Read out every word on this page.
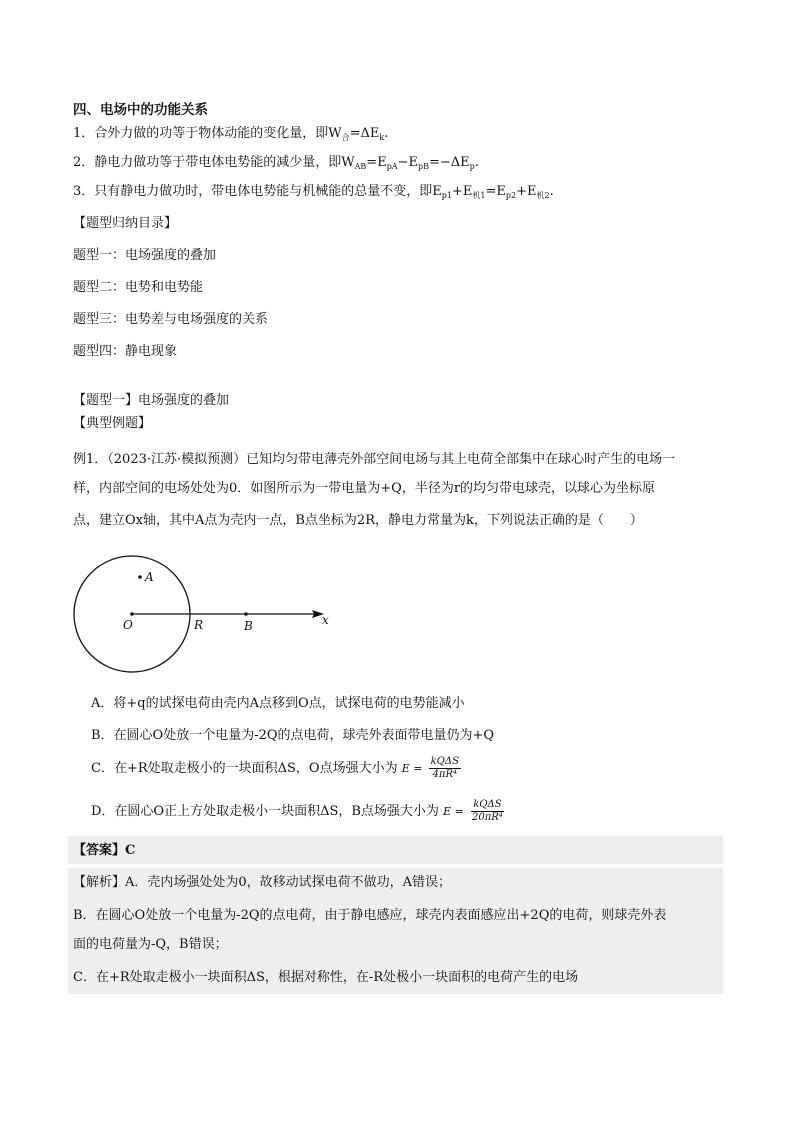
四、电场中的功能关系
1．合外力做的功等于物体动能的变化量，即$W_合=\Delta E_k$.
2．静电力做功等于带电体电势能的减少量，即$W_{AB}=E_{pA}-E_{pB}=-\Delta E_p$.
3．只有静电力做功时，带电体电势能与机械能的总量不变，即$E_{p1}+E_{机1}=E_{p2}+E_{机2}$.
【题型归纳目录】
题型一：电场强度的叠加
题型二：电势和电势能
题型三：电势差与电场强度的关系
题型四：静电现象
【题型一】电场强度的叠加
【典型例题】
例1．（2023·江苏·模拟预测）已知均匀带电薄壳外部空间电场与其上电荷全部集中在球心时产生的电场一
样，内部空间的电场处处为0．如图所示为一带电量为+Q，半径为r的均匀带电球壳，以球心为坐标原
点，建立Ox轴，其中A点为壳内一点，B点坐标为2R，静电力常量为k，下列说法正确的是（　　）
A
O	R	B	x
A．将+q的试探电荷由壳内A点移到O点，试探电荷的电势能减小
B．在圆心O处放一个电量为-2Q的点电荷，球壳外表面带电量仍为+Q
C．在+R处取走极小的一块面积ΔS，O点场强大小为 $E = \frac{\text{kQΔS}}{\text{4πR⁴}}$
D．在圆心O正上方处取走极小一块面积ΔS，B点场强大小为 $E = \frac{\text{kQΔS}}{\text{20πR⁴}}$
【答案】C
【解析】A．壳内场强处处为0，故移动试探电荷不做功，A错误；
B．在圆心O处放一个电量为-2Q的点电荷，由于静电感应，球壳内表面感应出+2Q的电荷，则球壳外表
面的电荷量为-Q，B错误；
C．在+R处取走极小一块面积ΔS，根据对称性，在-R处极小一块面积的电荷产生的电场
